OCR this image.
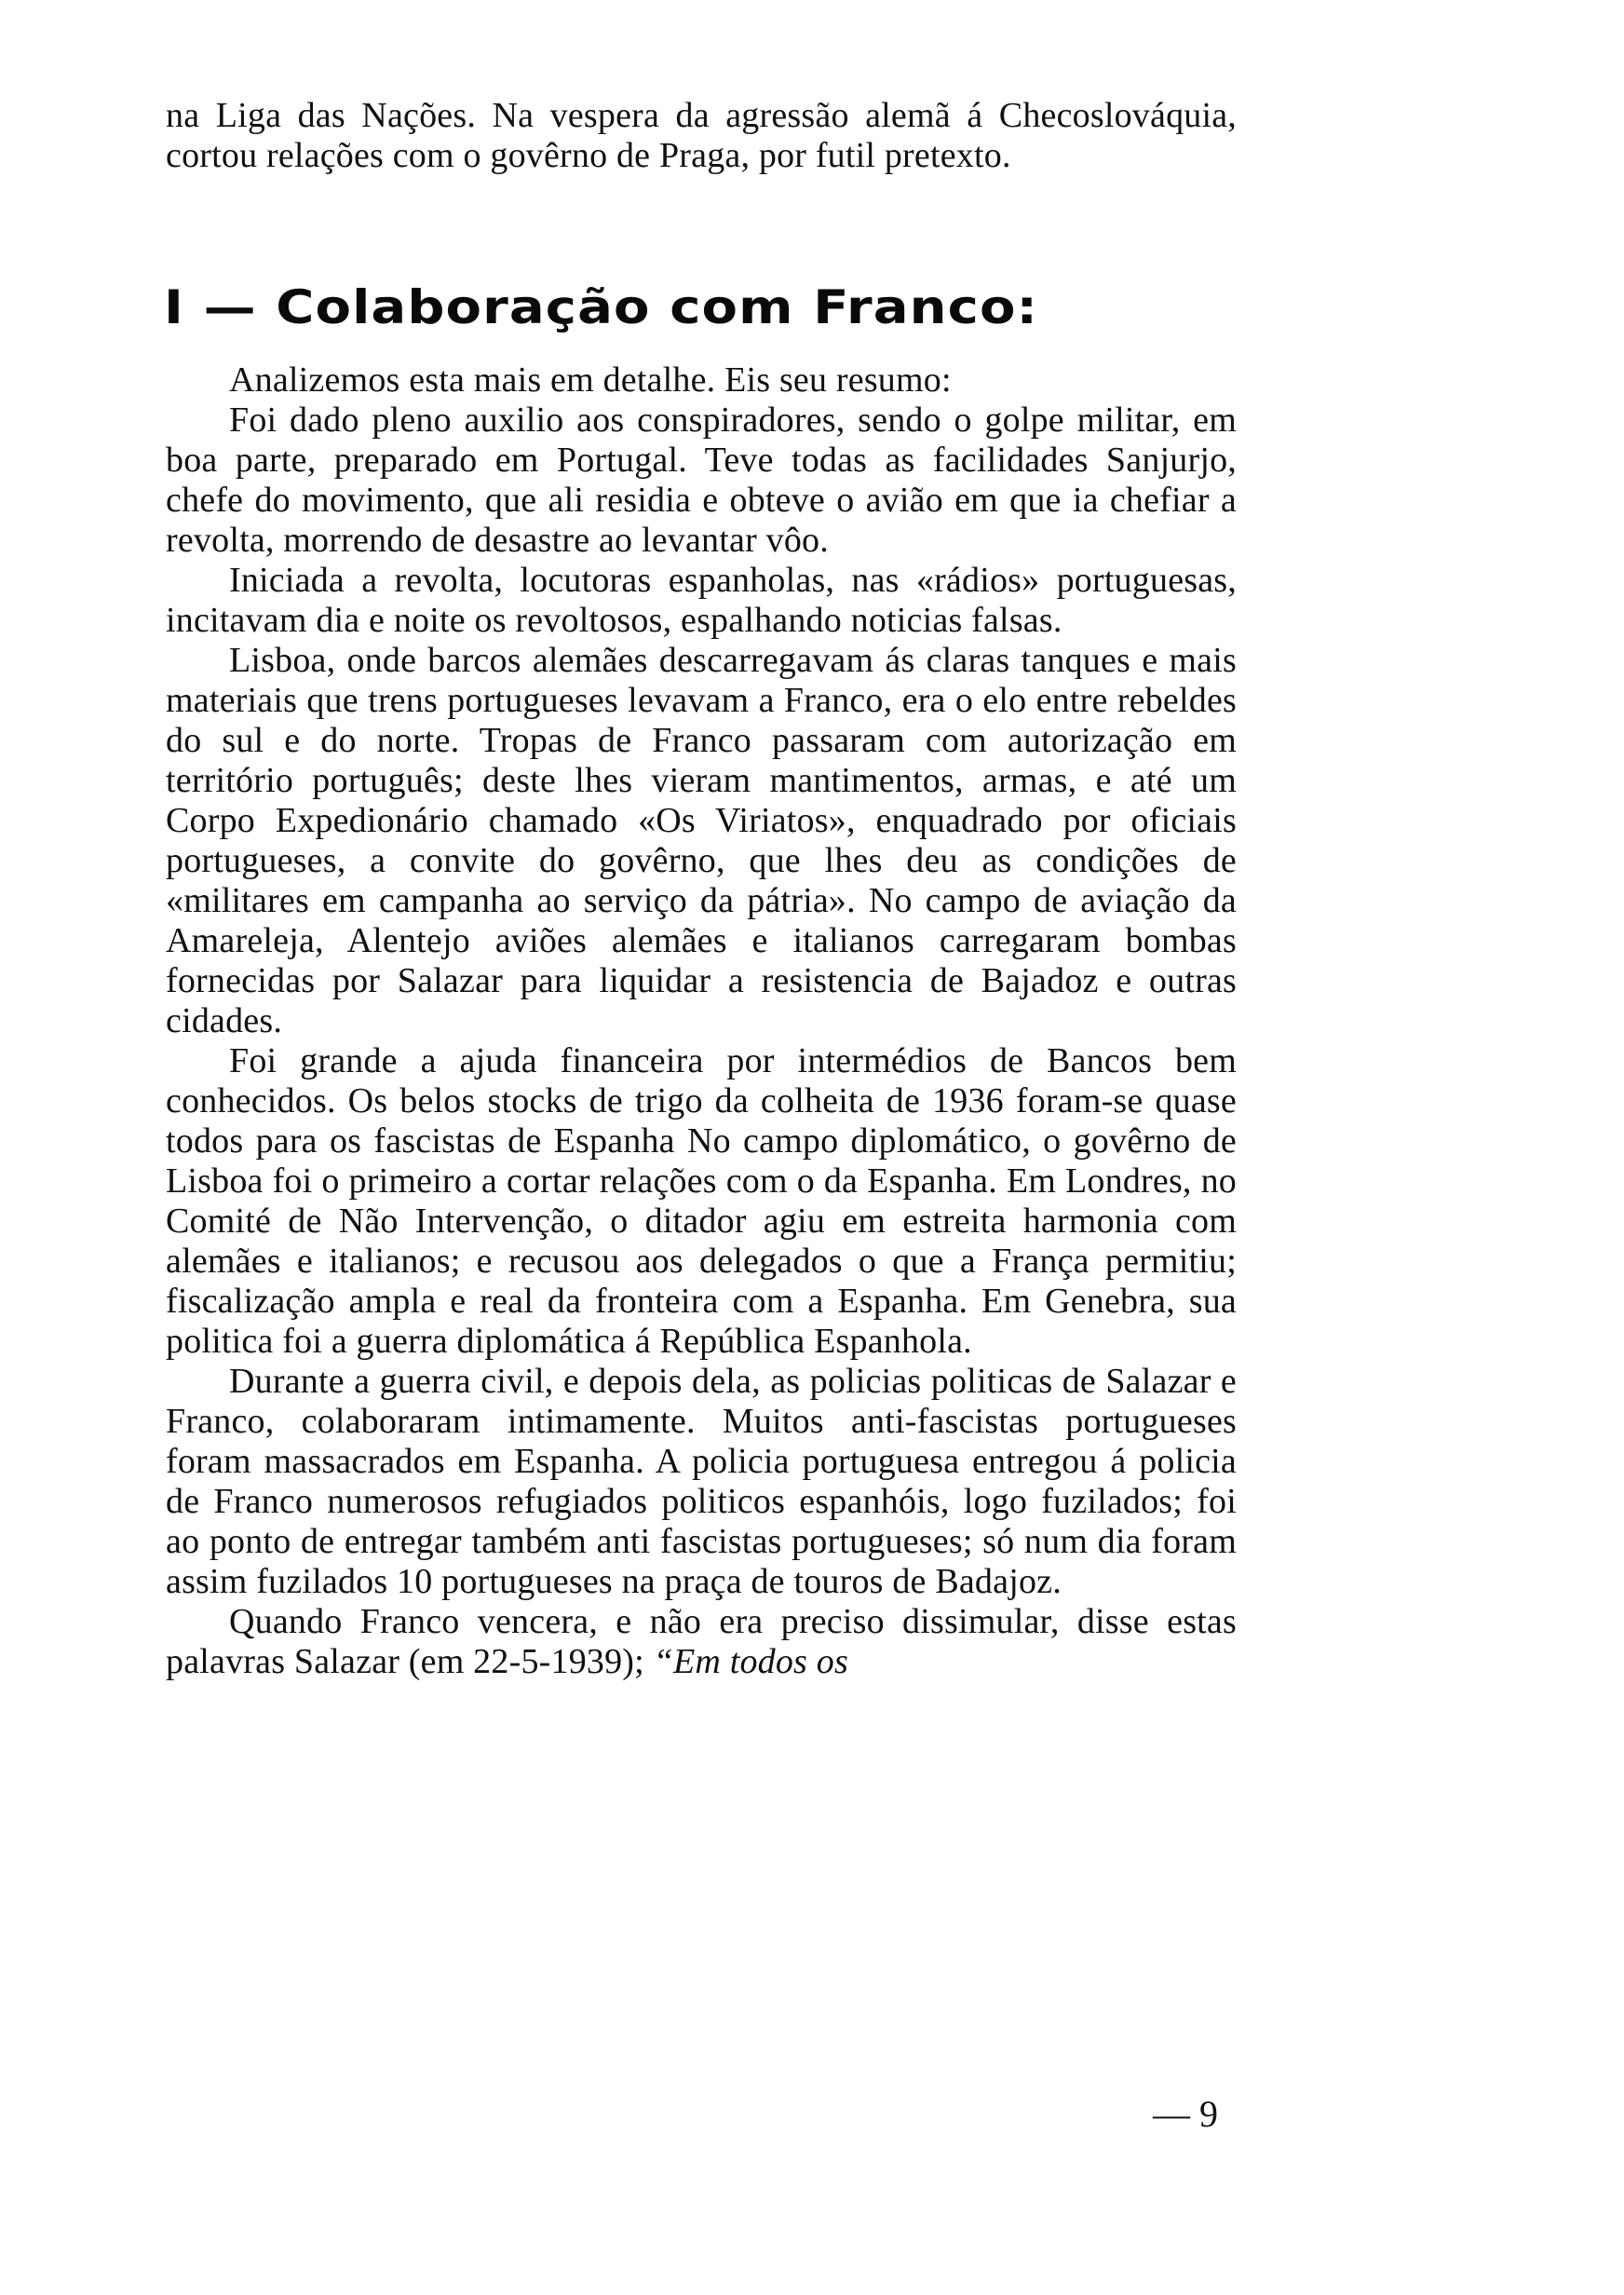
na Liga das Nações. Na vespera da agressão alemã á Checoslováquia, cortou relações com o govêrno de Praga, por futil pretexto.
I — Colaboração com Franco:

Analizemos esta mais em detalhe. Eis seu resumo:

Foi dado pleno auxilio aos conspiradores, sendo o golpe militar, em boa parte, preparado em Portugal. Teve todas as facilidades Sanjurjo, chefe do movimento, que ali residia e obteve o avião em que ia chefiar a revolta, morrendo de desastre ao levantar vôo.

Iniciada a revolta, locutoras espanholas, nas «rádios» portuguesas, incitavam dia e noite os revoltosos, espalhando noticias falsas.

Lisboa, onde barcos alemães descarregavam ás claras tanques e mais materiais que trens portugueses levavam a Franco, era o elo entre rebeldes do sul e do norte. Tropas de Franco passaram com autorização em território português; deste lhes vieram mantimentos, armas, e até um Corpo Expedionário chamado «Os Viriatos», enquadrado por oficiais portugueses, a convite do govêrno, que lhes deu as condições de «militares em campanha ao serviço da pátria». No campo de aviação da Amareleja, Alentejo aviões alemães e italianos carregaram bombas fornecidas por Salazar para liquidar a resistencia de Bajadoz e outras cidades.

Foi grande a ajuda financeira por intermédios de Bancos bem conhecidos. Os belos stocks de trigo da colheita de 1936 foram-se quase todos para os fascistas de Espanha No campo diplomático, o govêrno de Lisboa foi o primeiro a cortar relações com o da Espanha. Em Londres, no Comité de Não Intervenção, o ditador agiu em estreita harmonia com alemães e italianos; e recusou aos delegados o que a França permitiu; fiscalização ampla e real da fronteira com a Espanha. Em Genebra, sua politica foi a guerra diplomática á República Espanhola.

Durante a guerra civil, e depois dela, as policias politicas de Salazar e Franco, colaboraram intimamente. Muitos anti-fascistas portugueses foram massacrados em Espanha. A policia portuguesa entregou á policia de Franco numerosos refugiados politicos espanhóis, logo fuzilados; foi ao ponto de entregar também anti fascistas portugueses; só num dia foram assim fuzilados 10 portugueses na praça de touros de Badajoz.

Quando Franco vencera, e não era preciso dissimular, disse estas palavras Salazar (em 22-5-1939); “Em todos os

— 9
